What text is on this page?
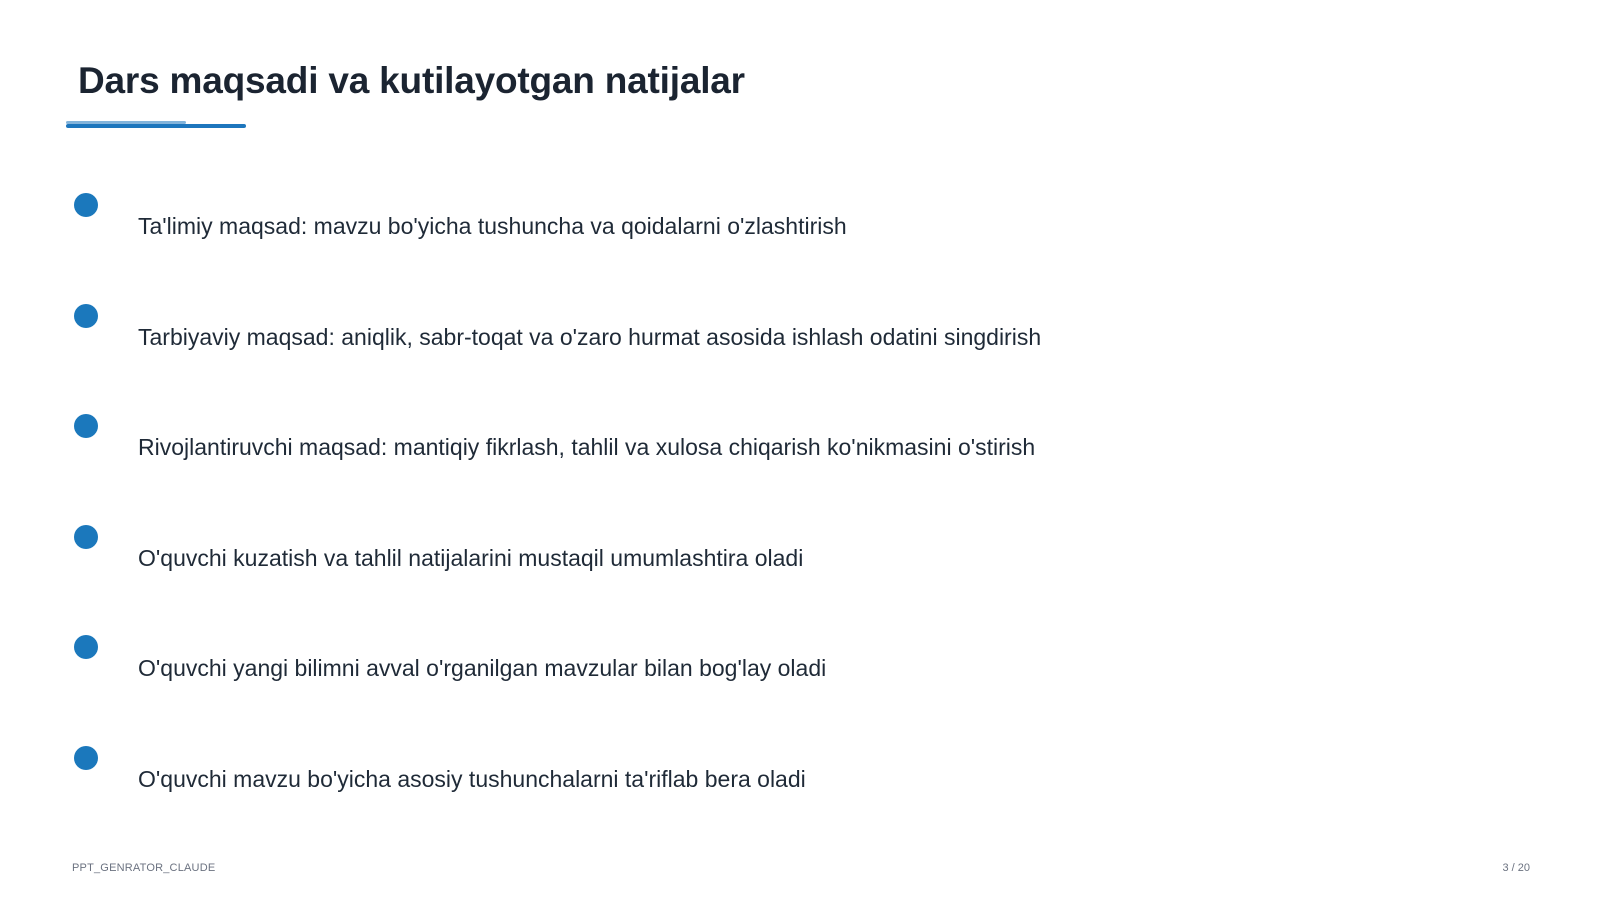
Dars maqsadi va kutilayotgan natijalar
Ta'limiy maqsad: mavzu bo'yicha tushuncha va qoidalarni o'zlashtirish
Tarbiyaviy maqsad: aniqlik, sabr-toqat va o'zaro hurmat asosida ishlash odatini singdirish
Rivojlantiruvchi maqsad: mantiqiy fikrlash, tahlil va xulosa chiqarish ko'nikmasini o'stirish
O'quvchi kuzatish va tahlil natijalarini mustaqil umumlashtira oladi
O'quvchi yangi bilimni avval o'rganilgan mavzular bilan bog'lay oladi
O'quvchi mavzu bo'yicha asosiy tushunchalarni ta'riflab bera oladi
PPT_GENRATOR_CLAUDE	3 / 20
